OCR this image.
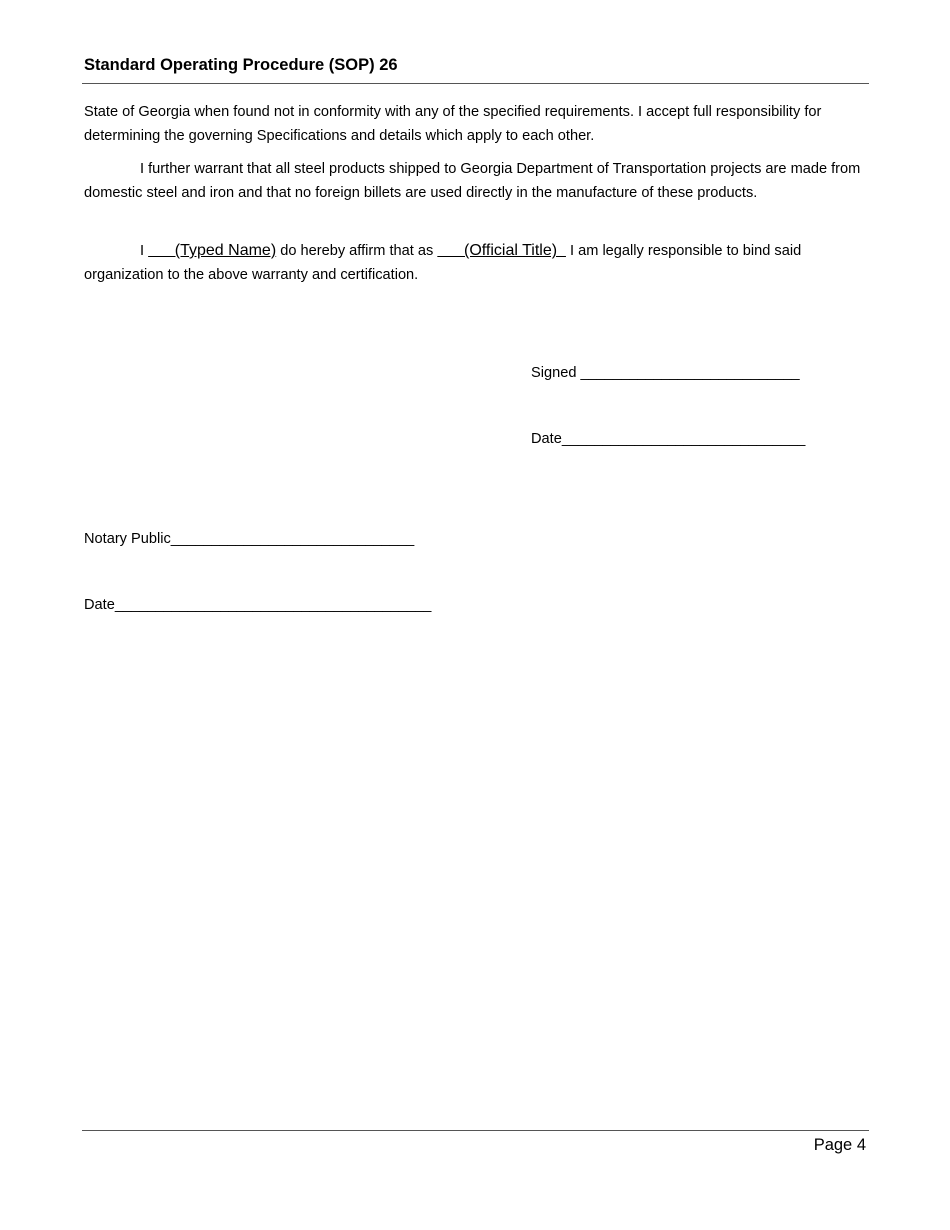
Standard Operating Procedure (SOP) 26
State of Georgia when found not in conformity with any of the specified requirements. I accept full responsibility for determining the governing Specifications and details which apply to each other.
I further warrant that all steel products shipped to Georgia Department of Transportation projects are made from domestic steel and iron and that no foreign billets are used directly in the manufacture of these products.
I       (Typed Name) do hereby affirm that as       (Official Title)   I am legally responsible to bind said organization to the above warranty and certification.
Signed ___________________________
Date______________________________
Notary Public______________________________
Date_______________________________________
Page 4
